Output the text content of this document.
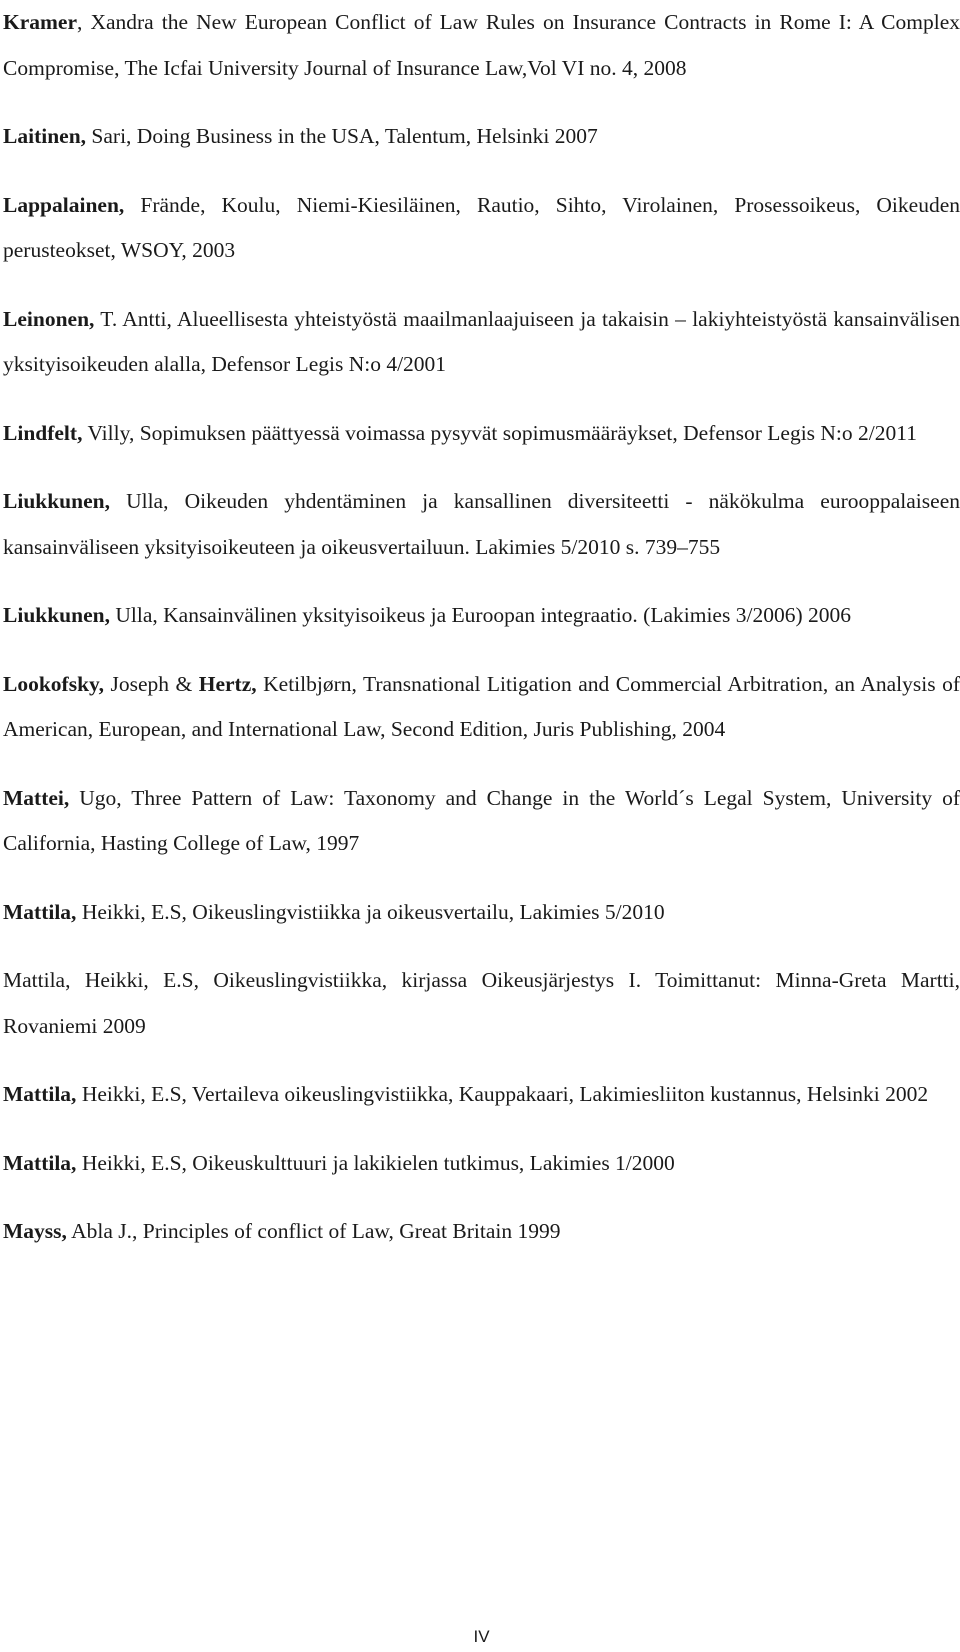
Kramer, Xandra the New European Conflict of Law Rules on Insurance Contracts in Rome I: A Complex Compromise, The Icfai University Journal of Insurance Law,Vol VI no. 4, 2008

Laitinen, Sari, Doing Business in the USA, Talentum, Helsinki 2007

Lappalainen, Frände, Koulu, Niemi-Kiesiläinen, Rautio, Sihto, Virolainen, Prosessoikeus, Oikeuden perusteokset, WSOY, 2003

Leinonen, T. Antti, Alueellisesta yhteistyöstä maailmanlaajuiseen ja takaisin – lakiyhteistyöstä kansainvälisen yksityisoikeuden alalla, Defensor Legis N:o 4/2001

Lindfelt, Villy, Sopimuksen päättyessä voimassa pysyvät sopimusmääräykset, Defensor Legis N:o 2/2011

Liukkunen, Ulla, Oikeuden yhdentäminen ja kansallinen diversiteetti - näkökulma eurooppalaiseen kansainväliseen yksityisoikeuteen ja oikeusvertailuun. Lakimies 5/2010 s. 739–755

Liukkunen, Ulla, Kansainvälinen yksityisoikeus ja Euroopan integraatio. (Lakimies 3/2006) 2006

Lookofsky, Joseph & Hertz, Ketilbjørn, Transnational Litigation and Commercial Arbitration, an Analysis of American, European, and International Law, Second Edition, Juris Publishing, 2004

Mattei, Ugo, Three Pattern of Law: Taxonomy and Change in the World´s Legal System, University of California, Hasting College of Law, 1997

Mattila, Heikki, E.S, Oikeuslingvistiikka ja oikeusvertailu, Lakimies 5/2010

Mattila, Heikki, E.S, Oikeuslingvistiikka, kirjassa Oikeusjärjestys I. Toimittanut: Minna-Greta Martti, Rovaniemi 2009

Mattila, Heikki, E.S, Vertaileva oikeuslingvistiikka, Kauppakaari, Lakimiesliiton kustannus, Helsinki 2002

Mattila, Heikki, E.S, Oikeuskulttuuri ja lakikielen tutkimus, Lakimies 1/2000

Mayss, Abla J., Principles of conflict of Law, Great Britain 1999

IV
